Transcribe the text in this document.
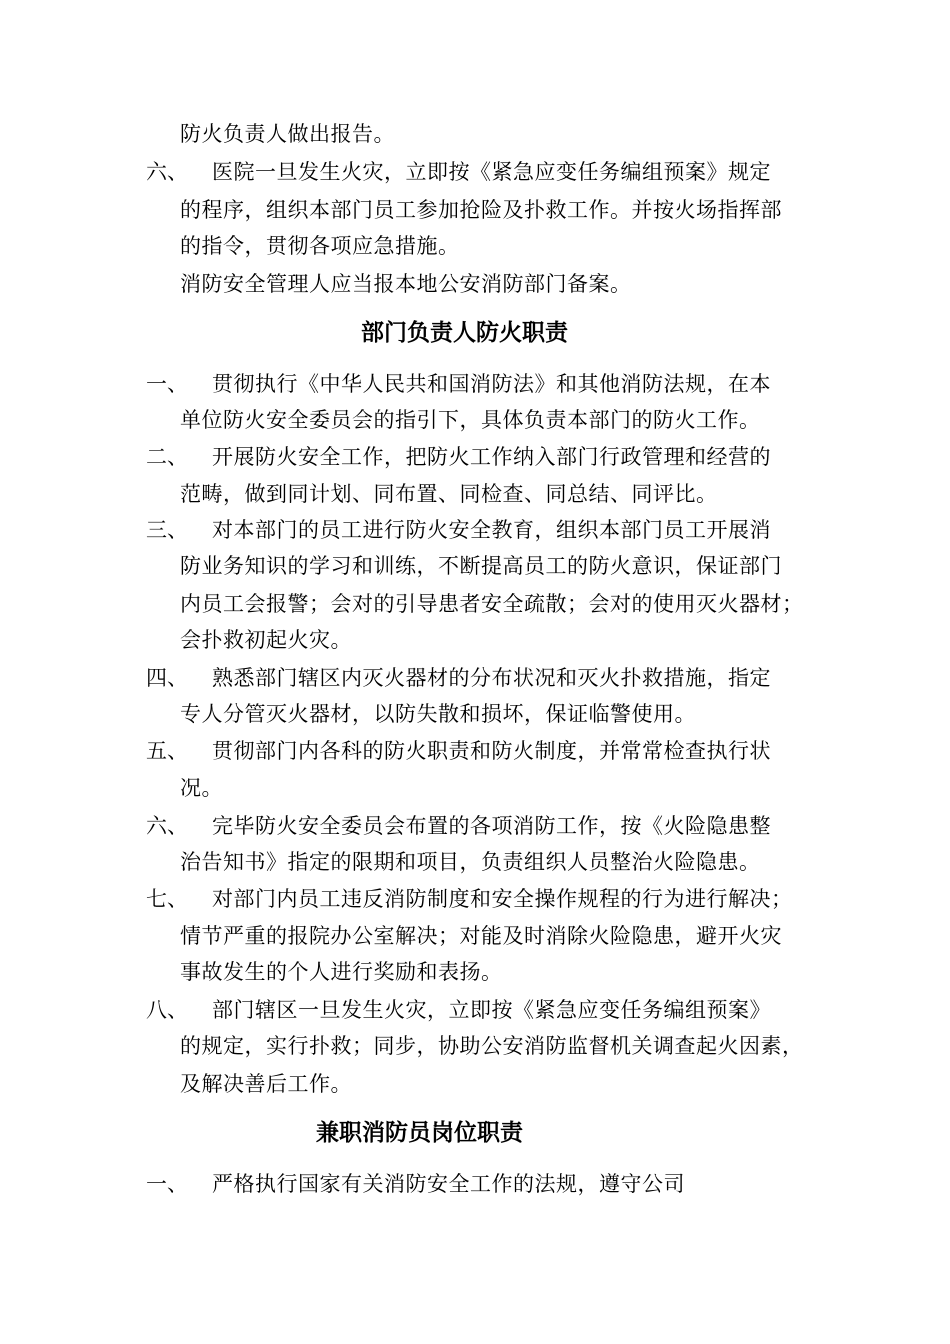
防火负责人做出报告。
六、 医院一旦发生火灾，立即按《紧急应变任务编组预案》规定
的程序，组织本部门员工参加抢险及扑救工作。并按火场指挥部
的指令，贯彻各项应急措施。
消防安全管理人应当报本地公安消防部门备案。
部门负责人防火职责
一、 贯彻执行《中华人民共和国消防法》和其他消防法规，在本
单位防火安全委员会的指引下，具体负责本部门的防火工作。
二、 开展防火安全工作，把防火工作纳入部门行政管理和经营的
范畴，做到同计划、同布置、同检查、同总结、同评比。
三、 对本部门的员工进行防火安全教育，组织本部门员工开展消
防业务知识的学习和训练，不断提高员工的防火意识，保证部门
内员工会报警；会对的引导患者安全疏散；会对的使用灭火器材；
会扑救初起火灾。
四、 熟悉部门辖区内灭火器材的分布状况和灭火扑救措施，指定
专人分管灭火器材，以防失散和损坏，保证临警使用。
五、 贯彻部门内各科的防火职责和防火制度，并常常检查执行状
况。
六、 完毕防火安全委员会布置的各项消防工作，按《火险隐患整
治告知书》指定的限期和项目，负责组织人员整治火险隐患。
七、 对部门内员工违反消防制度和安全操作规程的行为进行解决；
情节严重的报院办公室解决；对能及时消除火险隐患，避开火灾
事故发生的个人进行奖励和表扬。
八、 部门辖区一旦发生火灾，立即按《紧急应变任务编组预案》
的规定，实行扑救；同步，协助公安消防监督机关调查起火因素，
及解决善后工作。
兼职消防员岗位职责
一、 严格执行国家有关消防安全工作的法规，遵守公司
